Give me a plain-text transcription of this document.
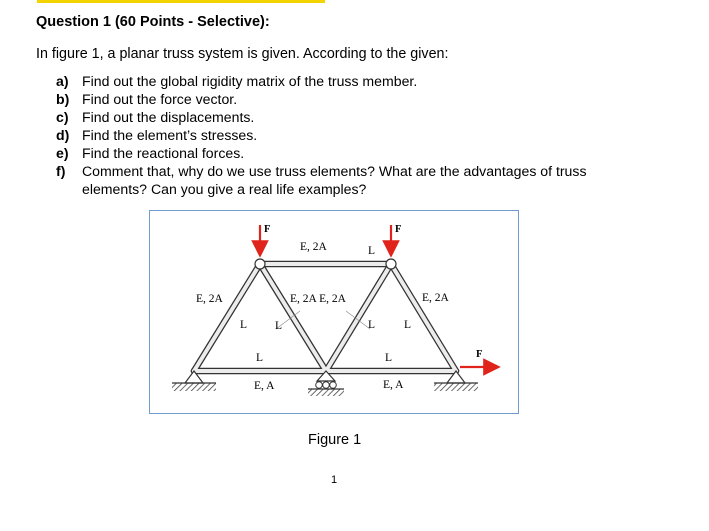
Question 1 (60 Points - Selective):
In figure 1, a planar truss system is given. According to the given:
a) Find out the global rigidity matrix of the truss member.
b) Find out the force vector.
c) Find out the displacements.
d) Find the element’s stresses.
e) Find the reactional forces.
f)	Comment that, why do we use truss elements? What are the advantages of truss elements? Can you give a real life examples?
F	F
F
E, 2A	L
E, 2A	E, 2A
E, 2A E, 2A
L L	L	L
L	L
E, A	E, A
Figure 1
1
